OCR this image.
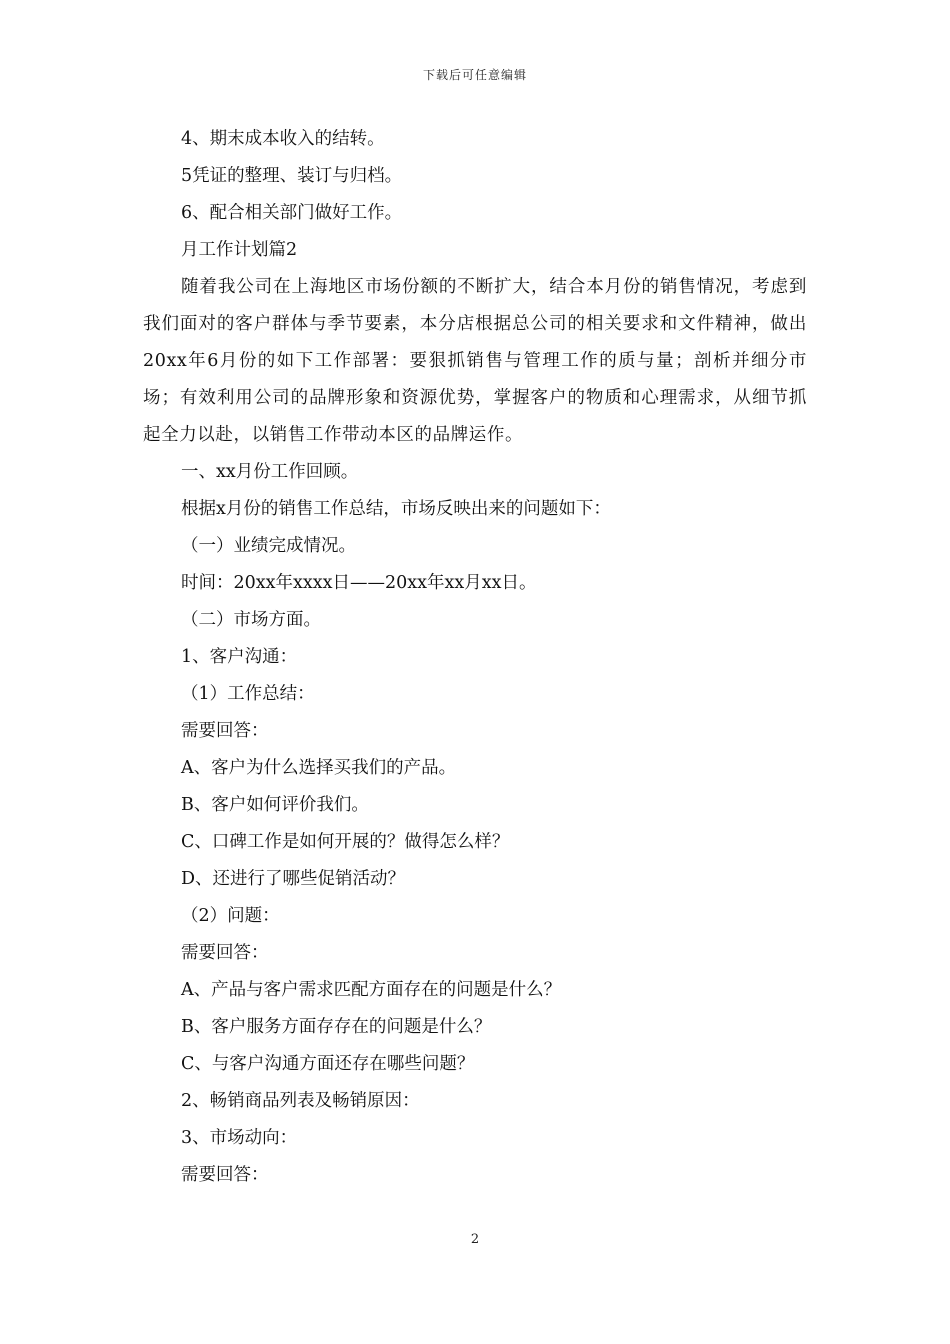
下载后可任意编辑
4、期末成本收入的结转。
5凭证的整理、装订与归档。
6、配合相关部门做好工作。
月工作计划篇2

随着我公司在上海地区市场份额的不断扩大，结合本月份的销售情况，考虑到我们面对的客户群体与季节要素，本分店根据总公司的相关要求和文件精神，做出20xx年6月份的如下工作部署：要狠抓销售与管理工作的质与量；剖析并细分市场；有效利用公司的品牌形象和资源优势，掌握客户的物质和心理需求，从细节抓起全力以赴，以销售工作带动本区的品牌运作。

一、xx月份工作回顾。
根据x月份的销售工作总结，市场反映出来的问题如下：
（一）业绩完成情况。
时间：20xx年xxxx日——20xx年xx月xx日。
（二）市场方面。
1、客户沟通：
（1）工作总结：
需要回答：
A、客户为什么选择买我们的产品。
B、客户如何评价我们。
C、口碑工作是如何开展的？做得怎么样？
D、还进行了哪些促销活动？
（2）问题：
需要回答：
A、产品与客户需求匹配方面存在的问题是什么？
B、客户服务方面存存在的问题是什么？
C、与客户沟通方面还存在哪些问题？
2、畅销商品列表及畅销原因：
3、市场动向：
需要回答：
2
